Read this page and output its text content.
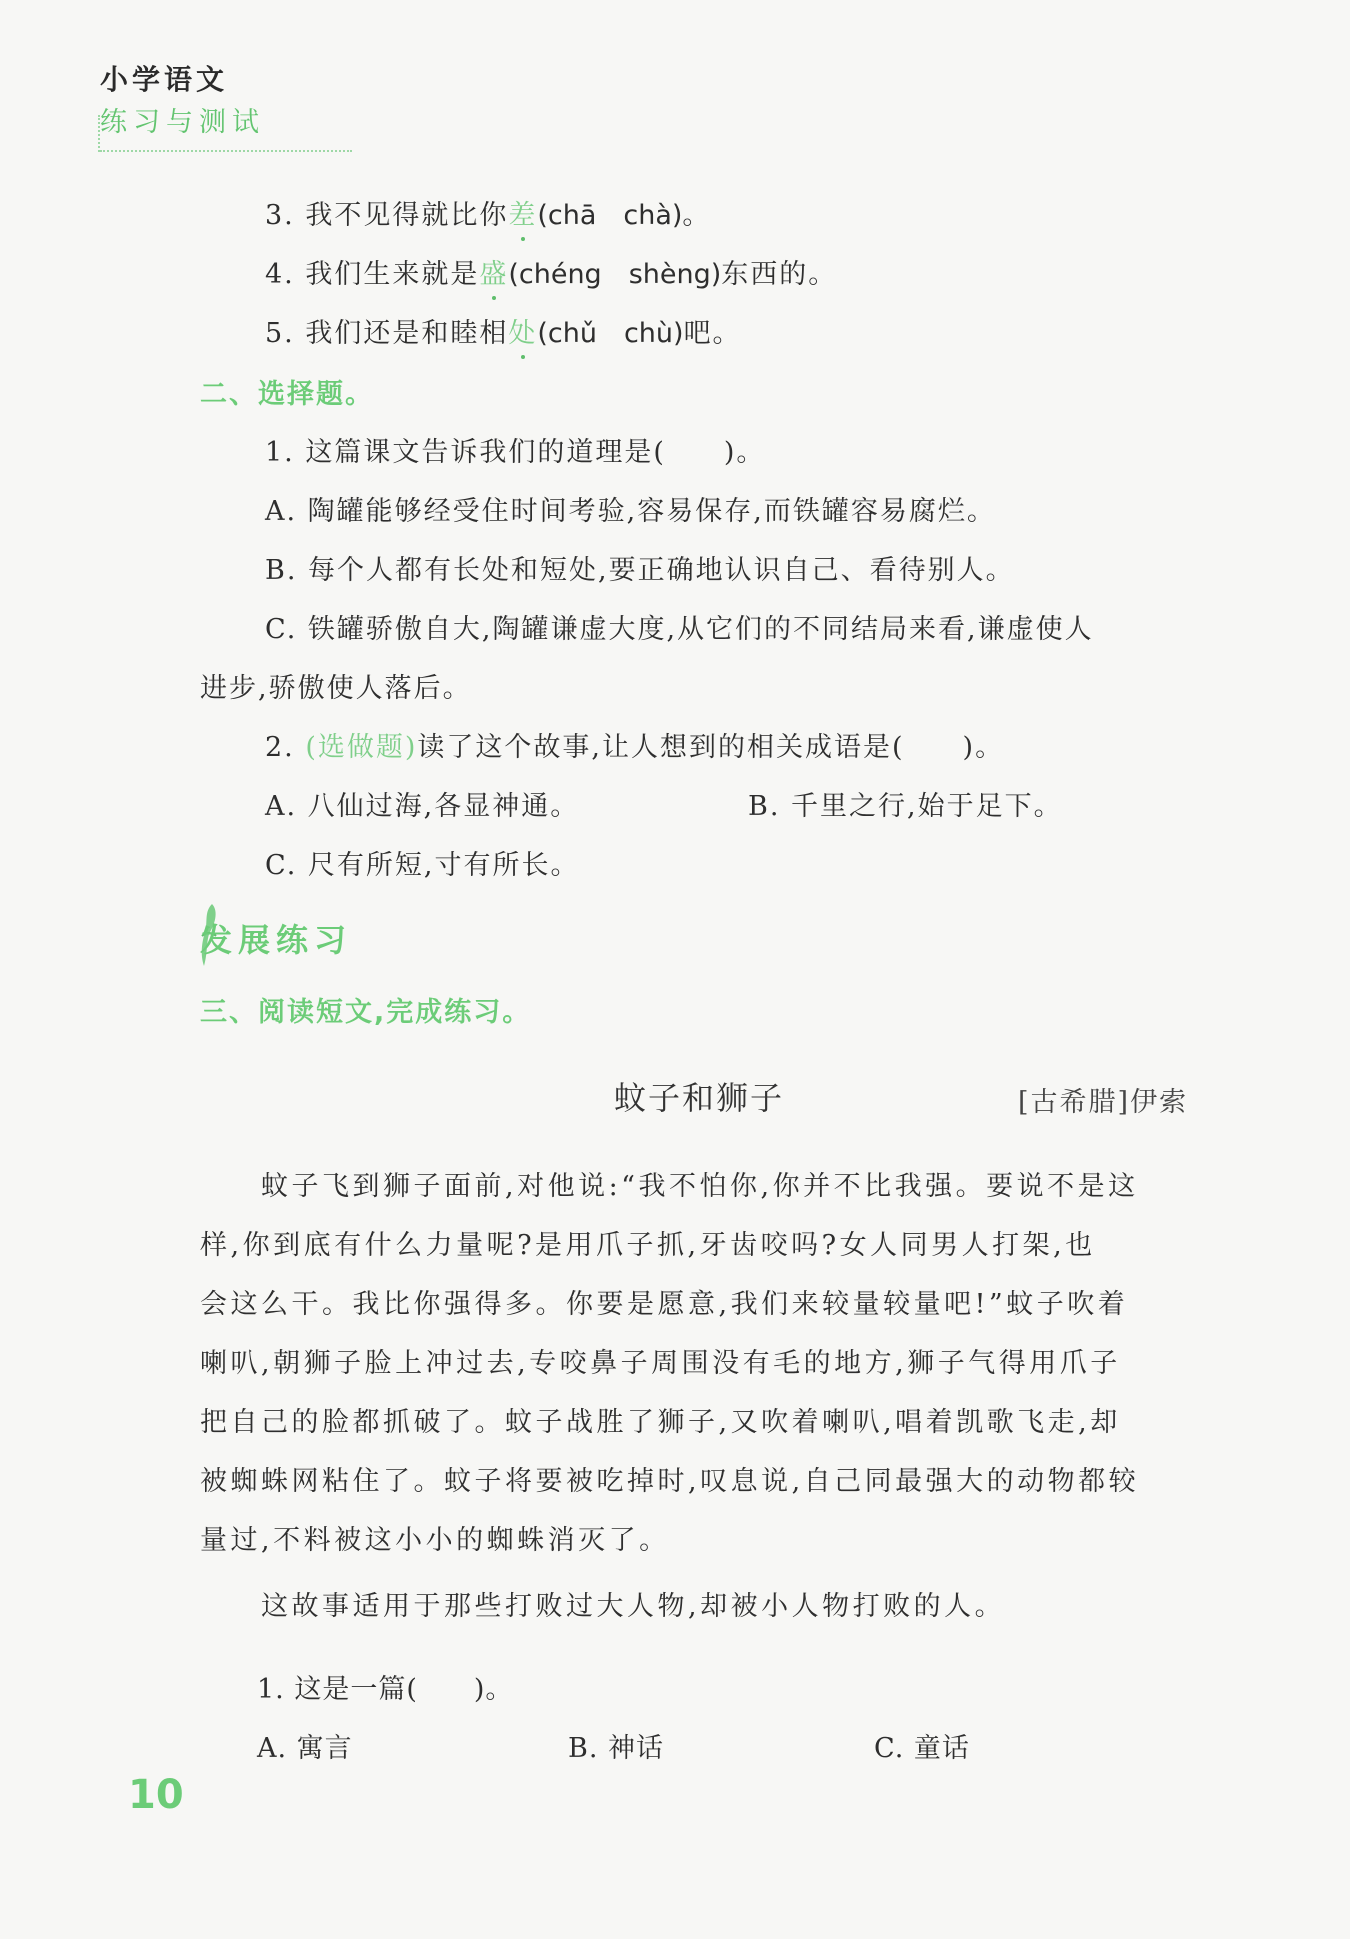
小学语文
练习与测试
3. 我不见得就比你差(chā　chà)。
4. 我们生来就是盛(chéng　shèng)东西的。
5. 我们还是和睦相处(chǔ　chù)吧。
二、选择题。
1. 这篇课文告诉我们的道理是(　　)。
A. 陶罐能够经受住时间考验,容易保存,而铁罐容易腐烂。
B. 每个人都有长处和短处,要正确地认识自己、看待别人。
C. 铁罐骄傲自大,陶罐谦虚大度,从它们的不同结局来看,谦虚使人
进步,骄傲使人落后。
2. (选做题)读了这个故事,让人想到的相关成语是(　　)。
A. 八仙过海,各显神通。	B. 千里之行,始于足下。
C. 尺有所短,寸有所长。
发展练习
三、阅读短文,完成练习。
蚊子和狮子	[古希腊]伊索
　　蚊子飞到狮子面前,对他说:“我不怕你,你并不比我强。要说不是这
样,你到底有什么力量呢?是用爪子抓,牙齿咬吗?女人同男人打架,也
会这么干。我比你强得多。你要是愿意,我们来较量较量吧!”蚊子吹着
喇叭,朝狮子脸上冲过去,专咬鼻子周围没有毛的地方,狮子气得用爪子
把自己的脸都抓破了。蚊子战胜了狮子,又吹着喇叭,唱着凯歌飞走,却
被蜘蛛网粘住了。蚊子将要被吃掉时,叹息说,自己同最强大的动物都较
量过,不料被这小小的蜘蛛消灭了。
　　这故事适用于那些打败过大人物,却被小人物打败的人。
1. 这是一篇(　　)。
A. 寓言	B. 神话	C. 童话
10
